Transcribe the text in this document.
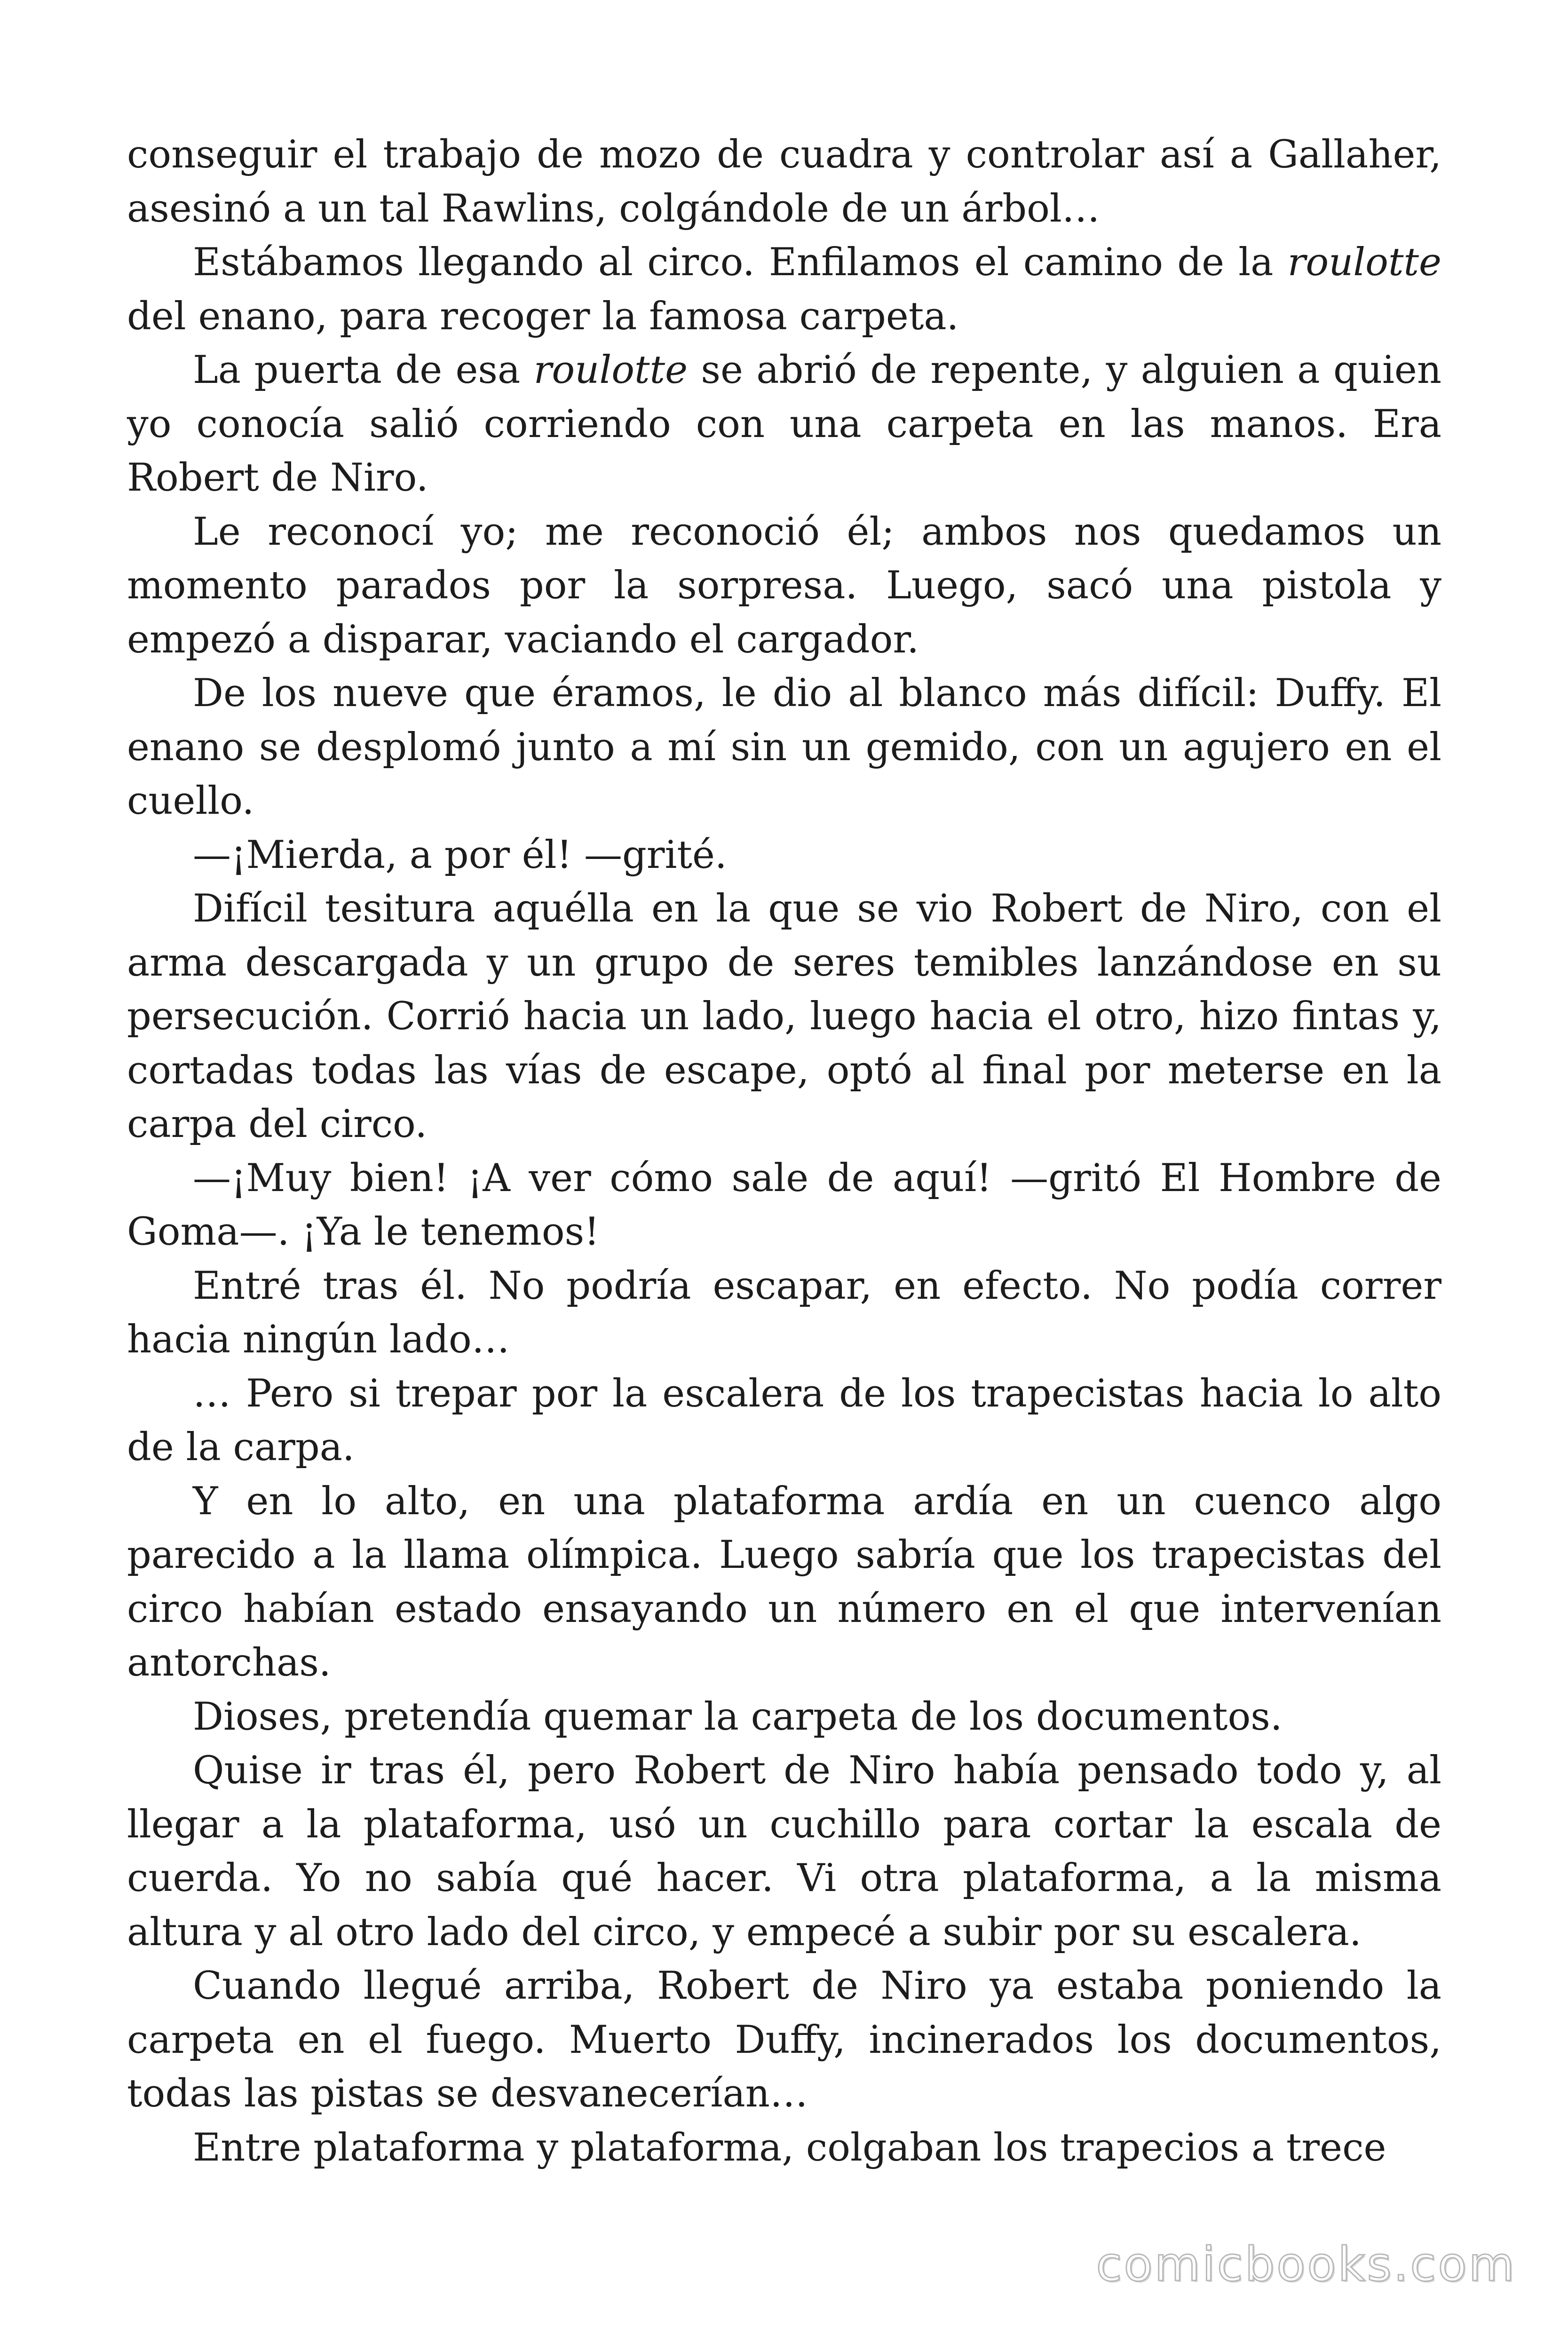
conseguir el trabajo de mozo de cuadra y controlar así a Gallaher, asesinó a un tal Rawlins, colgándole de un árbol…

Estábamos llegando al circo. Enfilamos el camino de la roulotte del enano, para recoger la famosa carpeta.

La puerta de esa roulotte se abrió de repente, y alguien a quien yo conocía salió corriendo con una carpeta en las manos. Era Robert de Niro.

Le reconocí yo; me reconoció él; ambos nos quedamos un momento parados por la sorpresa. Luego, sacó una pistola y empezó a disparar, vaciando el cargador.

De los nueve que éramos, le dio al blanco más difícil: Duffy. El enano se desplomó junto a mí sin un gemido, con un agujero en el cuello.

—¡Mierda, a por él! —grité.

Difícil tesitura aquélla en la que se vio Robert de Niro, con el arma descargada y un grupo de seres temibles lanzándose en su persecución. Corrió hacia un lado, luego hacia el otro, hizo fintas y, cortadas todas las vías de escape, optó al final por meterse en la carpa del circo.

—¡Muy bien! ¡A ver cómo sale de aquí! —gritó El Hombre de Goma—. ¡Ya le tenemos!

Entré tras él. No podría escapar, en efecto. No podía correr hacia ningún lado…

… Pero si trepar por la escalera de los trapecistas hacia lo alto de la carpa.

Y en lo alto, en una plataforma ardía en un cuenco algo parecido a la llama olímpica. Luego sabría que los trapecistas del circo habían estado ensayando un número en el que intervenían antorchas.

Dioses, pretendía quemar la carpeta de los documentos.

Quise ir tras él, pero Robert de Niro había pensado todo y, al llegar a la plataforma, usó un cuchillo para cortar la escala de cuerda. Yo no sabía qué hacer. Vi otra plataforma, a la misma altura y al otro lado del circo, y empecé a subir por su escalera.

Cuando llegué arriba, Robert de Niro ya estaba poniendo la carpeta en el fuego. Muerto Duffy, incinerados los documentos, todas las pistas se desvanecerían…

Entre plataforma y plataforma, colgaban los trapecios a trece

comicbooks.com
